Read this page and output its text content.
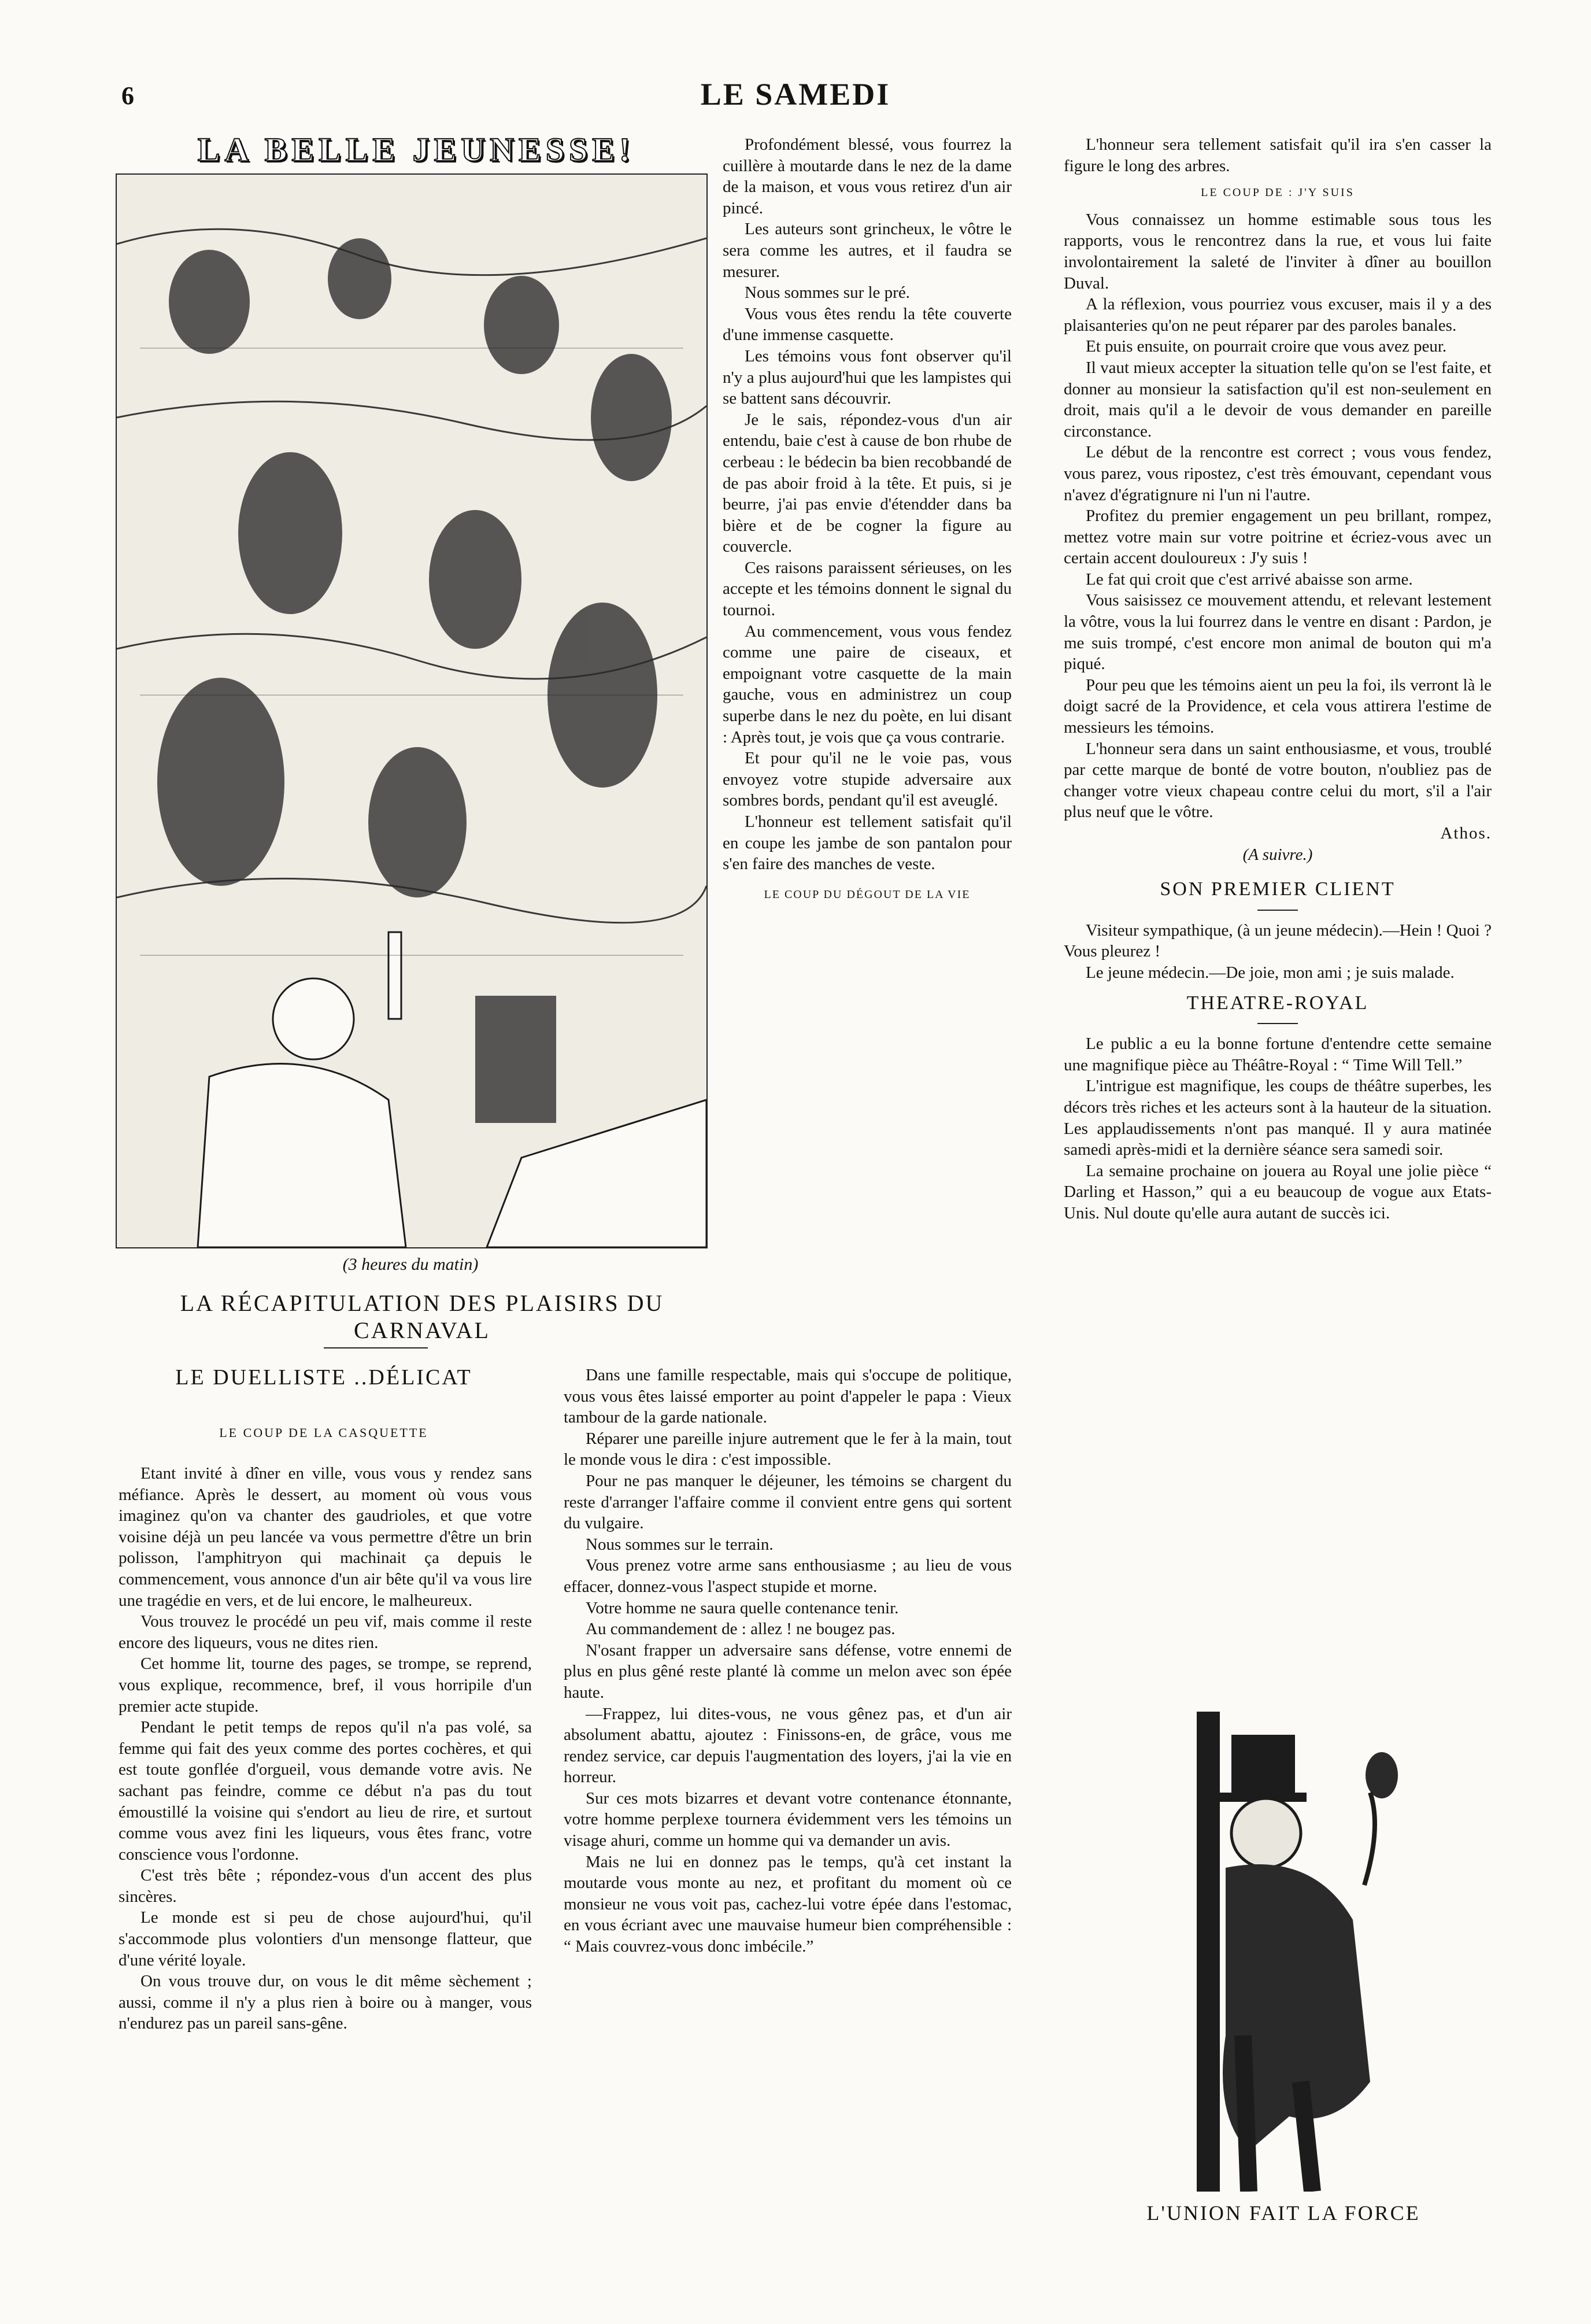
6	LE SAMEDI
LA BELLE JEUNESSE!
(3 heures du matin)
LA RÉCAPITULATION DES PLAISIRS DU CARNAVAL
LE DUELLISTE ..DÉLICAT
LE COUP DE LA CASQUETTE

Etant invité à dîner en ville, vous vous y rendez sans méfiance. Après le dessert, au moment où vous vous imaginez qu'on va chanter des gaudrioles, et que votre voisine déjà un peu lancée va vous permettre d'être un brin polisson, l'amphitryon qui machinait ça depuis le commencement, vous annonce d'un air bête qu'il va vous lire une tragédie en vers, et de lui encore, le malheureux.

Vous trouvez le procédé un peu vif, mais comme il reste encore des liqueurs, vous ne dites rien.

Cet homme lit, tourne des pages, se trompe, se reprend, vous explique, recommence, bref, il vous horripile d'un premier acte stupide.

Pendant le petit temps de repos qu'il n'a pas volé, sa femme qui fait des yeux comme des portes cochères, et qui est toute gonflée d'orgueil, vous demande votre avis. Ne sachant pas feindre, comme ce début n'a pas du tout émoustillé la voisine qui s'endort au lieu de rire, et surtout comme vous avez fini les liqueurs, vous êtes franc, votre conscience vous l'ordonne.

C'est très bête ; répondez-vous d'un accent des plus sincères.

Le monde est si peu de chose aujourd'hui, qu'il s'accommode plus volontiers d'un mensonge flatteur, que d'une vérité loyale.

On vous trouve dur, on vous le dit même sèchement ; aussi, comme il n'y a plus rien à boire ou à manger, vous n'endurez pas un pareil sans-gêne.

Profondément blessé, vous fourrez la cuillère à moutarde dans le nez de la dame de la maison, et vous vous retirez d'un air pincé.

Les auteurs sont grincheux, le vôtre le sera comme les autres, et il faudra se mesurer.

Nous sommes sur le pré.

Vous vous êtes rendu la tête couverte d'une immense casquette.

Les témoins vous font observer qu'il n'y a plus aujourd'hui que les lampistes qui se battent sans découvrir.

Je le sais, répondez-vous d'un air entendu, baie c'est à cause de bon rhube de cerbeau : le bédecin ba bien recobbandé de de pas aboir froid à la tête. Et puis, si je beurre, j'ai pas envie d'étendder dans ba bière et de be cogner la figure au couvercle.

Ces raisons paraissent sérieuses, on les accepte et les témoins donnent le signal du tournoi.

Au commencement, vous vous fendez comme une paire de ciseaux, et empoignant votre casquette de la main gauche, vous en administrez un coup superbe dans le nez du poète, en lui disant : Après tout, je vois que ça vous contrarie.

Et pour qu'il ne le voie pas, vous envoyez votre stupide adversaire aux sombres bords, pendant qu'il est aveuglé.

L'honneur est tellement satisfait qu'il en coupe les jambe de son pantalon pour s'en faire des manches de veste.

LE COUP DU DÉGOUT DE LA VIE

Dans une famille respectable, mais qui s'occupe de politique, vous vous êtes laissé emporter au point d'appeler le papa : Vieux tambour de la garde nationale.

Réparer une pareille injure autrement que le fer à la main, tout le monde vous le dira : c'est impossible.

Pour ne pas manquer le déjeuner, les témoins se chargent du reste d'arranger l'affaire comme il convient entre gens qui sortent du vulgaire.

Nous sommes sur le terrain.

Vous prenez votre arme sans enthousiasme ; au lieu de vous effacer, donnez-vous l'aspect stupide et morne.

Votre homme ne saura quelle contenance tenir.

Au commandement de : allez ! ne bougez pas.

N'osant frapper un adversaire sans défense, votre ennemi de plus en plus gêné reste planté là comme un melon avec son épée haute.

—Frappez, lui dites-vous, ne vous gênez pas, et d'un air absolument abattu, ajoutez : Finissons-en, de grâce, vous me rendez service, car depuis l'augmentation des loyers, j'ai la vie en horreur.

Sur ces mots bizarres et devant votre contenance étonnante, votre homme perplexe tournera évidemment vers les témoins un visage ahuri, comme un homme qui va demander un avis.

Mais ne lui en donnez pas le temps, qu'à cet instant la moutarde vous monte au nez, et profitant du moment où ce monsieur ne vous voit pas, cachez-lui votre épée dans l'estomac, en vous écriant avec une mauvaise humeur bien compréhensible : “ Mais couvrez-vous donc imbécile.”

L'honneur sera tellement satisfait qu'il ira s'en casser la figure le long des arbres.

LE COUP DE : J'Y SUIS

Vous connaissez un homme estimable sous tous les rapports, vous le rencontrez dans la rue, et vous lui faite involontairement la saleté de l'inviter à dîner au bouillon Duval.

A la réflexion, vous pourriez vous excuser, mais il y a des plaisanteries qu'on ne peut réparer par des paroles banales.

Et puis ensuite, on pourrait croire que vous avez peur.

Il vaut mieux accepter la situation telle qu'on se l'est faite, et donner au monsieur la satisfaction qu'il est non-seulement en droit, mais qu'il a le devoir de vous demander en pareille circonstance.

Le début de la rencontre est correct ; vous vous fendez, vous parez, vous ripostez, c'est très émouvant, cependant vous n'avez d'égratignure ni l'un ni l'autre.

Profitez du premier engagement un peu brillant, rompez, mettez votre main sur votre poitrine et écriez-vous avec un certain accent douloureux : J'y suis !

Le fat qui croit que c'est arrivé abaisse son arme.

Vous saisissez ce mouvement attendu, et relevant lestement la vôtre, vous la lui fourrez dans le ventre en disant : Pardon, je me suis trompé, c'est encore mon animal de bouton qui m'a piqué.

Pour peu que les témoins aient un peu la foi, ils verront là le doigt sacré de la Providence, et cela vous attirera l'estime de messieurs les témoins.

L'honneur sera dans un saint enthousiasme, et vous, troublé par cette marque de bonté de votre bouton, n'oubliez pas de changer votre vieux chapeau contre celui du mort, s'il a l'air plus neuf que le vôtre.

Athos.

(A suivre.)

SON PREMIER CLIENT

Visiteur sympathique, (à un jeune médecin).—Hein ! Quoi ? Vous pleurez !

Le jeune médecin.—De joie, mon ami ; je suis malade.

THEATRE-ROYAL

Le public a eu la bonne fortune d'entendre cette semaine une magnifique pièce au Théâtre-Royal : “ Time Will Tell.”

L'intrigue est magnifique, les coups de théâtre superbes, les décors très riches et les acteurs sont à la hauteur de la situation. Les applaudissements n'ont pas manqué. Il y aura matinée samedi après-midi et la dernière séance sera samedi soir.

La semaine prochaine on jouera au Royal une jolie pièce “ Darling et Hasson,” qui a eu beaucoup de vogue aux Etats-Unis. Nul doute qu'elle aura autant de succès ici.

L'UNION FAIT LA FORCE
